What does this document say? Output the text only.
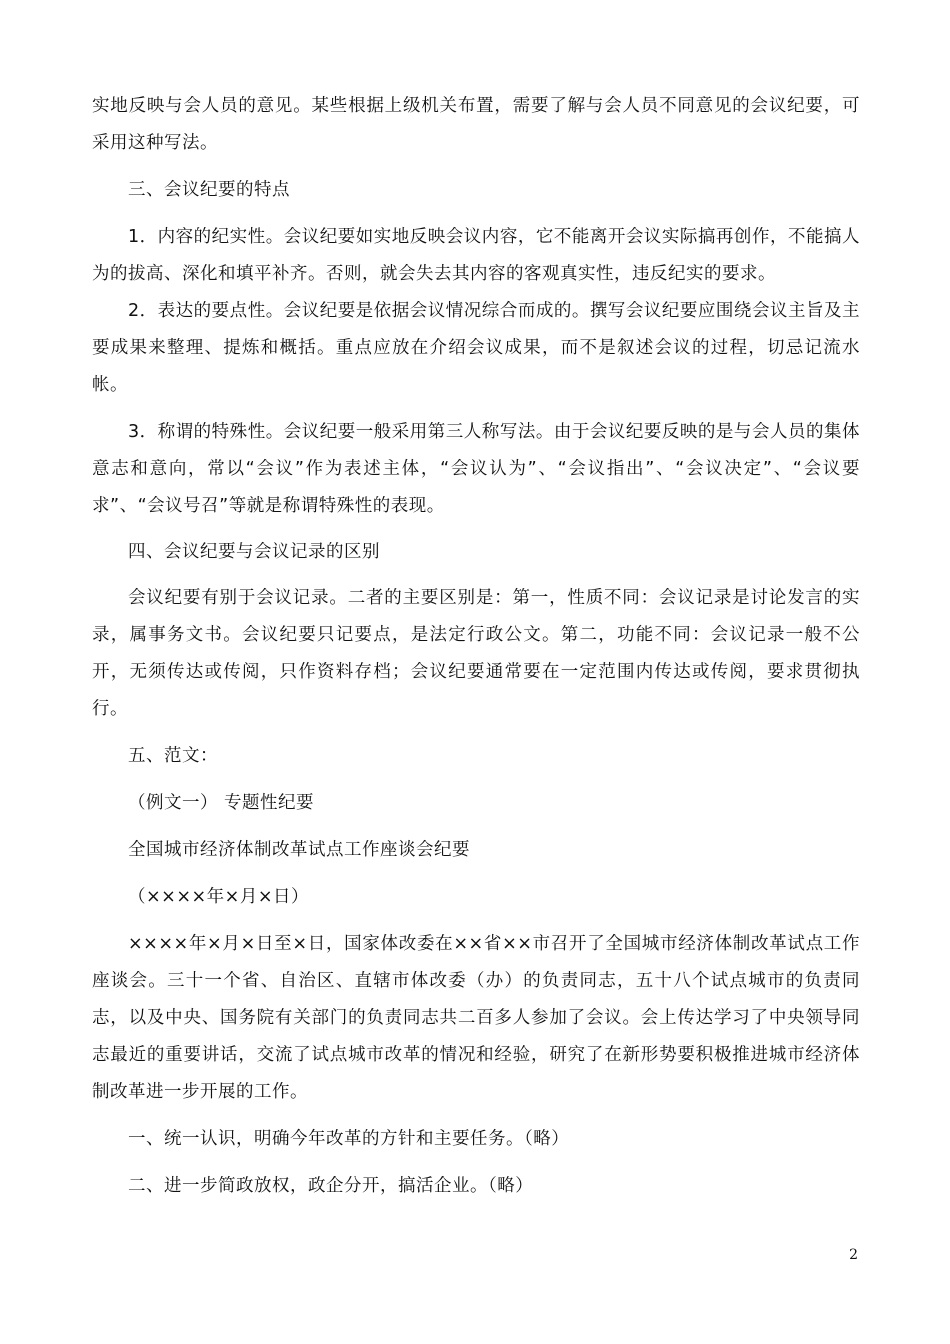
实地反映与会人员的意见。某些根据上级机关布置，需要了解与会人员不同意见的会议纪要，可采用这种写法。

三、会议纪要的特点

1．内容的纪实性。会议纪要如实地反映会议内容，它不能离开会议实际搞再创作，不能搞人为的拔高、深化和填平补齐。否则，就会失去其内容的客观真实性，违反纪实的要求。

2．表达的要点性。会议纪要是依据会议情况综合而成的。撰写会议纪要应围绕会议主旨及主要成果来整理、提炼和概括。重点应放在介绍会议成果，而不是叙述会议的过程，切忌记流水帐。

3．称谓的特殊性。会议纪要一般采用第三人称写法。由于会议纪要反映的是与会人员的集体意志和意向，常以“会议”作为表述主体，“会议认为”、“会议指出”、“会议决定”、“会议要求”、“会议号召”等就是称谓特殊性的表现。

四、会议纪要与会议记录的区别

会议纪要有别于会议记录。二者的主要区别是：第一，性质不同：会议记录是讨论发言的实录，属事务文书。会议纪要只记要点，是法定行政公文。第二，功能不同：会议记录一般不公开，无须传达或传阅，只作资料存档；会议纪要通常要在一定范围内传达或传阅，要求贯彻执行。

五、范文：

（例文一） 专题性纪要

全国城市经济体制改革试点工作座谈会纪要

（××××年×月×日）

××××年×月×日至×日，国家体改委在××省××市召开了全国城市经济体制改革试点工作座谈会。三十一个省、自治区、直辖市体改委（办）的负责同志，五十八个试点城市的负责同志，以及中央、国务院有关部门的负责同志共二百多人参加了会议。会上传达学习了中央领导同志最近的重要讲话，交流了试点城市改革的情况和经验，研究了在新形势要积极推进城市经济体制改革进一步开展的工作。

一、统一认识，明确今年改革的方针和主要任务。（略）

二、进一步简政放权，政企分开，搞活企业。（略）

2
